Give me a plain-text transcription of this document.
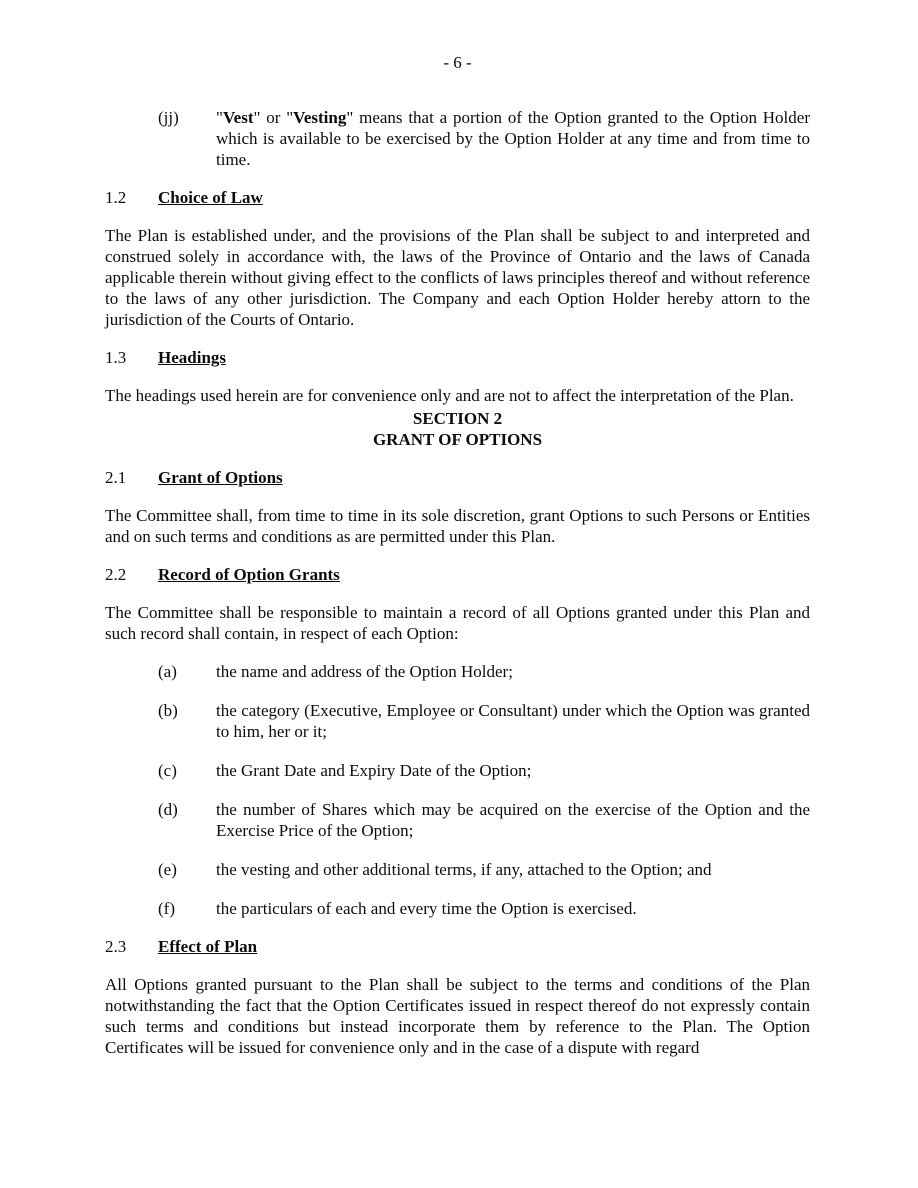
- 6 -
(jj)	"Vest" or "Vesting" means that a portion of the Option granted to the Option Holder which is available to be exercised by the Option Holder at any time and from time to time.
1.2 Choice of Law

The Plan is established under, and the provisions of the Plan shall be subject to and interpreted and construed solely in accordance with, the laws of the Province of Ontario and the laws of Canada applicable therein without giving effect to the conflicts of laws principles thereof and without reference to the laws of any other jurisdiction. The Company and each Option Holder hereby attorn to the jurisdiction of the Courts of Ontario.

1.3 Headings

The headings used herein are for convenience only and are not to affect the interpretation of the Plan.

SECTION 2
GRANT OF OPTIONS
2.1 Grant of Options

The Committee shall, from time to time in its sole discretion, grant Options to such Persons or Entities and on such terms and conditions as are permitted under this Plan.

2.2 Record of Option Grants

The Committee shall be responsible to maintain a record of all Options granted under this Plan and such record shall contain, in respect of each Option:

(a)	the name and address of the Option Holder;
(b)	the category (Executive, Employee or Consultant) under which the Option was granted to him, her or it;
(c)	the Grant Date and Expiry Date of the Option;
(d)	the number of Shares which may be acquired on the exercise of the Option and the Exercise Price of the Option;
(e)	the vesting and other additional terms, if any, attached to the Option; and
(f)	the particulars of each and every time the Option is exercised.
2.3 Effect of Plan

All Options granted pursuant to the Plan shall be subject to the terms and conditions of the Plan notwithstanding the fact that the Option Certificates issued in respect thereof do not expressly contain such terms and conditions but instead incorporate them by reference to the Plan. The Option Certificates will be issued for convenience only and in the case of a dispute with regard
